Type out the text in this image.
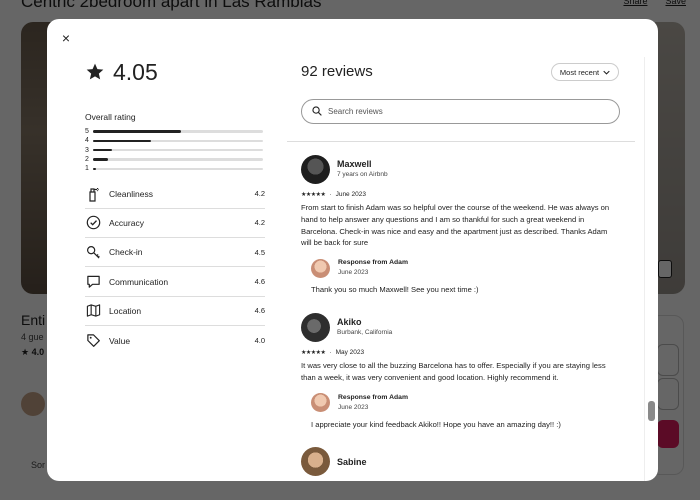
×
4.05
Overall rating
5
4
3
2
1
Cleanliness	4.2
Accuracy	4.2
Check-in	4.5
Communication	4.6
Location	4.6
Value	4.0
92 reviews	Most recent
Search reviews
Maxwell
7 years on Airbnb
★★★★★ · June 2023
From start to finish Adam was so helpful over the course of the weekend. He was always on hand to help answer any questions and I am so thankful for such a great weekend in Barcelona. Check-in was nice and easy and the apartment just as described. Thanks Adam will be back for sure
Response from Adam
June 2023
Thank you so much Maxwell! See you next time :)
Akiko
Burbank, California
★★★★★ · May 2023
It was very close to all the buzzing Barcelona has to offer. Especially if you are staying less than a week, it was very convenient and good location. Highly recommend it.
Response from Adam
June 2023
I appreciate your kind feedback Akiko!! Hope you have an amazing day!! :)
Sabine
